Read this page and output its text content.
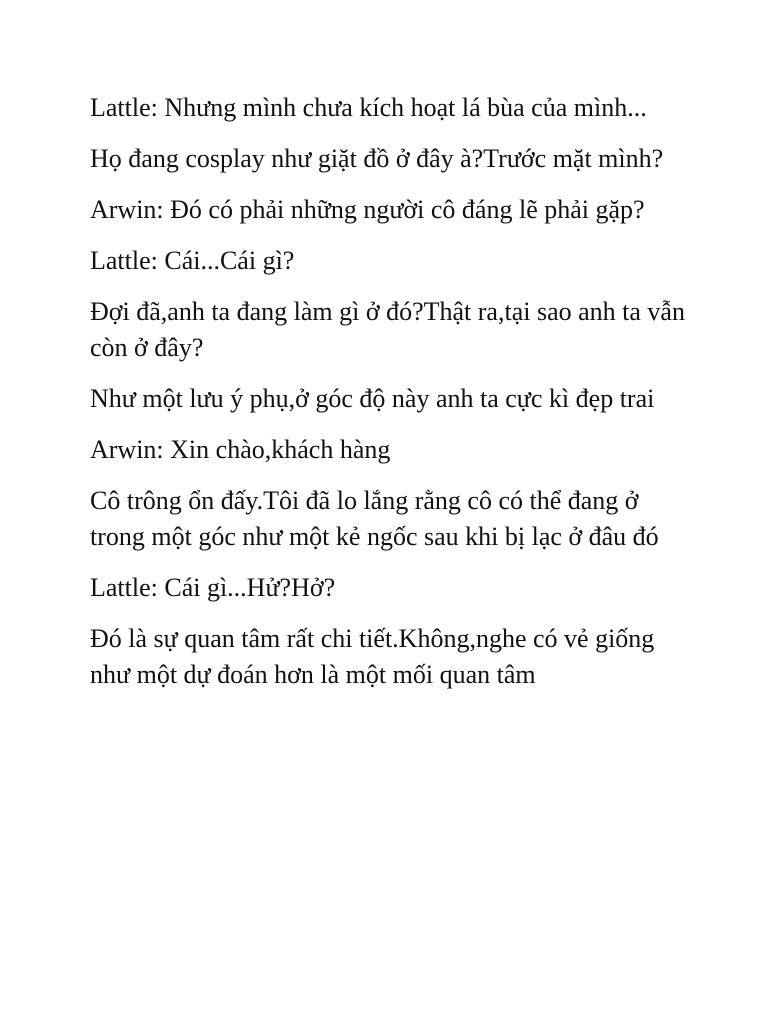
Lattle: Nhưng mình chưa kích hoạt lá bùa của mình...

Họ đang cosplay như giặt đồ ở đây à?Trước mặt mình?

Arwin: Đó có phải những người cô đáng lẽ phải gặp?

Lattle: Cái...Cái gì?

Đợi đã,anh ta đang làm gì ở đó?Thật ra,tại sao anh ta vẫn còn ở đây?

Như một lưu ý phụ,ở góc độ này anh ta cực kì đẹp trai

Arwin: Xin chào,khách hàng

Cô trông ổn đấy.Tôi đã lo lắng rằng cô có thể đang ở trong một góc như một kẻ ngốc sau khi bị lạc ở đâu đó

Lattle: Cái gì...Hử?Hở?

Đó là sự quan tâm rất chi tiết.Không,nghe có vẻ giống như một dự đoán hơn là một mối quan tâm
